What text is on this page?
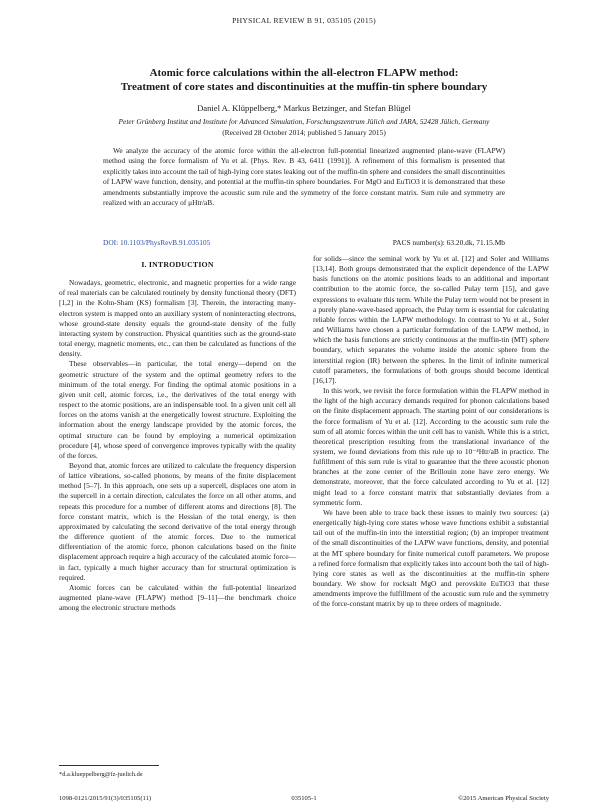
PHYSICAL REVIEW B 91, 035105 (2015)
Atomic force calculations within the all-electron FLAPW method:
Treatment of core states and discontinuities at the muffin-tin sphere boundary
Daniel A. Klüppelberg,* Markus Betzinger, and Stefan Blügel
Peter Grünberg Institut and Institute for Advanced Simulation, Forschungszentrum Jülich and JARA, 52428 Jülich, Germany
(Received 28 October 2014; published 5 January 2015)
We analyze the accuracy of the atomic force within the all-electron full-potential linearized augmented plane-wave (FLAPW) method using the force formalism of Yu et al. [Phys. Rev. B 43, 6411 (1991)]. A refinement of this formalism is presented that explicitly takes into account the tail of high-lying core states leaking out of the muffin-tin sphere and considers the small discontinuities of LAPW wave function, density, and potential at the muffin-tin sphere boundaries. For MgO and EuTiO3 it is demonstrated that these amendments substantially improve the acoustic sum rule and the symmetry of the force constant matrix. Sum rule and symmetry are realized with an accuracy of μHtr/aB.
DOI: 10.1103/PhysRevB.91.035105	PACS number(s): 63.20.dk, 71.15.Mb
I. INTRODUCTION

Nowadays, geometric, electronic, and magnetic properties for a wide range of real materials can be calculated routinely by density functional theory (DFT) [1,2] in the Kohn-Sham (KS) formalism [3]. Therein, the interacting many-electron system is mapped onto an auxiliary system of noninteracting electrons, whose ground-state density equals the ground-state density of the fully interacting system by construction. Physical quantities such as the ground-state total energy, magnetic moments, etc., can then be calculated as functions of the density.

These observables—in particular, the total energy—depend on the geometric structure of the system and the optimal geometry refers to the minimum of the total energy. For finding the optimal atomic positions in a given unit cell, atomic forces, i.e., the derivatives of the total energy with respect to the atomic positions, are an indispensable tool. In a given unit cell all forces on the atoms vanish at the energetically lowest structure. Exploiting the information about the energy landscape provided by the atomic forces, the optimal structure can be found by employing a numerical optimization procedure [4], whose speed of convergence improves typically with the quality of the forces.

Beyond that, atomic forces are utilized to calculate the frequency dispersion of lattice vibrations, so-called phonons, by means of the finite displacement method [5–7]. In this approach, one sets up a supercell, displaces one atom in the supercell in a certain direction, calculates the force on all other atoms, and repeats this procedure for a number of different atoms and directions [8]. The force constant matrix, which is the Hessian of the total energy, is then approximated by calculating the second derivative of the total energy through the difference quotient of the atomic forces. Due to the numerical differentiation of the atomic force, phonon calculations based on the finite displacement approach require a high accuracy of the calculated atomic force—in fact, typically a much higher accuracy than for structural optimization is required.

Atomic forces can be calculated within the full-potential linearized augmented plane-wave (FLAPW) method [9–11]—the benchmark choice among the electronic structure methods

for solids—since the seminal work by Yu et al. [12] and Soler and Williams [13,14]. Both groups demonstrated that the explicit dependence of the LAPW basis functions on the atomic positions leads to an additional and important contribution to the atomic force, the so-called Pulay term [15], and gave expressions to evaluate this term. While the Pulay term would not be present in a purely plane-wave-based approach, the Pulay term is essential for calculating reliable forces within the LAPW methodology. In contrast to Yu et al., Soler and Williams have chosen a particular formulation of the LAPW method, in which the basis functions are strictly continuous at the muffin-tin (MT) sphere boundary, which separates the volume inside the atomic sphere from the interstitial region (IR) between the spheres. In the limit of infinite numerical cutoff parameters, the formulations of both groups should become identical [16,17].

In this work, we revisit the force formulation within the FLAPW method in the light of the high accuracy demands required for phonon calculations based on the finite displacement approach. The starting point of our considerations is the force formalism of Yu et al. [12]. According to the acoustic sum rule the sum of all atomic forces within the unit cell has to vanish. While this is a strict, theoretical prescription resulting from the translational invariance of the system, we found deviations from this rule up to 10⁻⁴Htr/aB in practice. The fulfillment of this sum rule is vital to guarantee that the three acoustic phonon branches at the zone center of the Brillouin zone have zero energy. We demonstrate, moreover, that the force calculated according to Yu et al. [12] might lead to a force constant matrix that substantially deviates from a symmetric form.

We have been able to trace back these issues to mainly two sources: (a) energetically high-lying core states whose wave functions exhibit a substantial tail out of the muffin-tin into the interstitial region; (b) an improper treatment of the small discontinuities of the LAPW wave functions, density, and potential at the MT sphere boundary for finite numerical cutoff parameters. We propose a refined force formalism that explicitly takes into account both the tail of high-lying core states as well as the discontinuities at the muffin-tin sphere boundary. We show for rocksalt MgO and perovskite EuTiO3 that these amendments improve the fulfillment of the acoustic sum rule and the symmetry of the force-constant matrix by up to three orders of magnitude.

*d.a.klueppelberg@fz-juelich.de
1098-0121/2015/91(3)/035105(11)	035105-1	©2015 American Physical Society
